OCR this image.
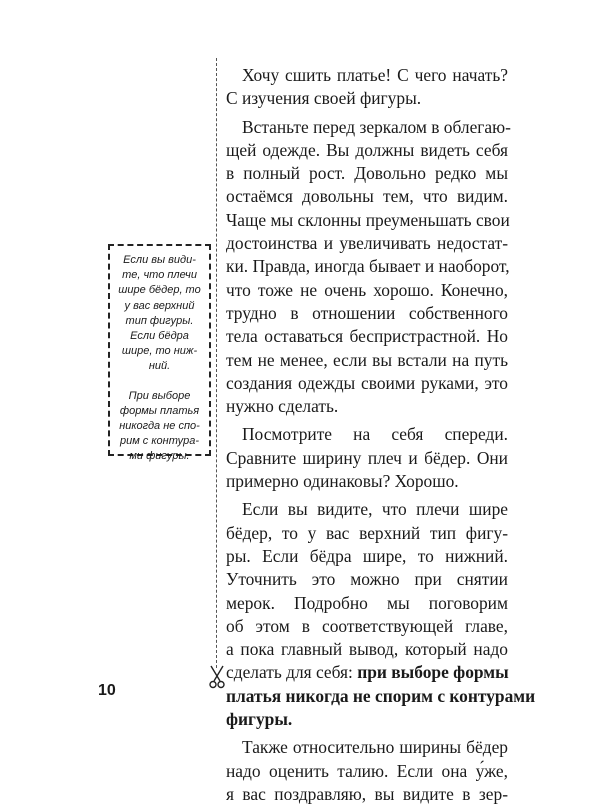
Если вы види-
те, что плечи
шире бёдер, то
у вас верхний
тип фигуры.
Если бёдра
шире, то ниж-
ний.

При выборе
формы платья
никогда не спо-
рим с контура-
ми фигуры.

Хочу сшить платье! С чего начать?
С изучения своей фигуры.
Встаньте перед зеркалом в облегаю-
щей одежде. Вы должны видеть себя
в полный рост. Довольно редко мы
остаёмся довольны тем, что видим.
Чаще мы склонны преуменьшать свои
достоинства и увеличивать недостат-
ки. Правда, иногда бывает и наоборот,
что тоже не очень хорошо. Конечно,
трудно в отношении собственного
тела оставаться беспристрастной. Но
тем не менее, если вы встали на путь
создания одежды своими руками, это
нужно сделать.
Посмотрите на себя спереди.
Сравните ширину плеч и бёдер. Они
примерно одинаковы? Хорошо.
Если вы видите, что плечи шире
бёдер, то у вас верхний тип фигу-
ры. Если бёдра шире, то нижний.
Уточнить это можно при снятии
мерок. Подробно мы поговорим
об этом в соответствующей главе,
а пока главный вывод, который надо
сделать для себя: при выборе формы
платья никогда не спорим с контурами
фигуры.
Также относительно ширины бёдер
надо оценить талию. Если она у́же,
я вас поздравляю, вы видите в зер-
10
